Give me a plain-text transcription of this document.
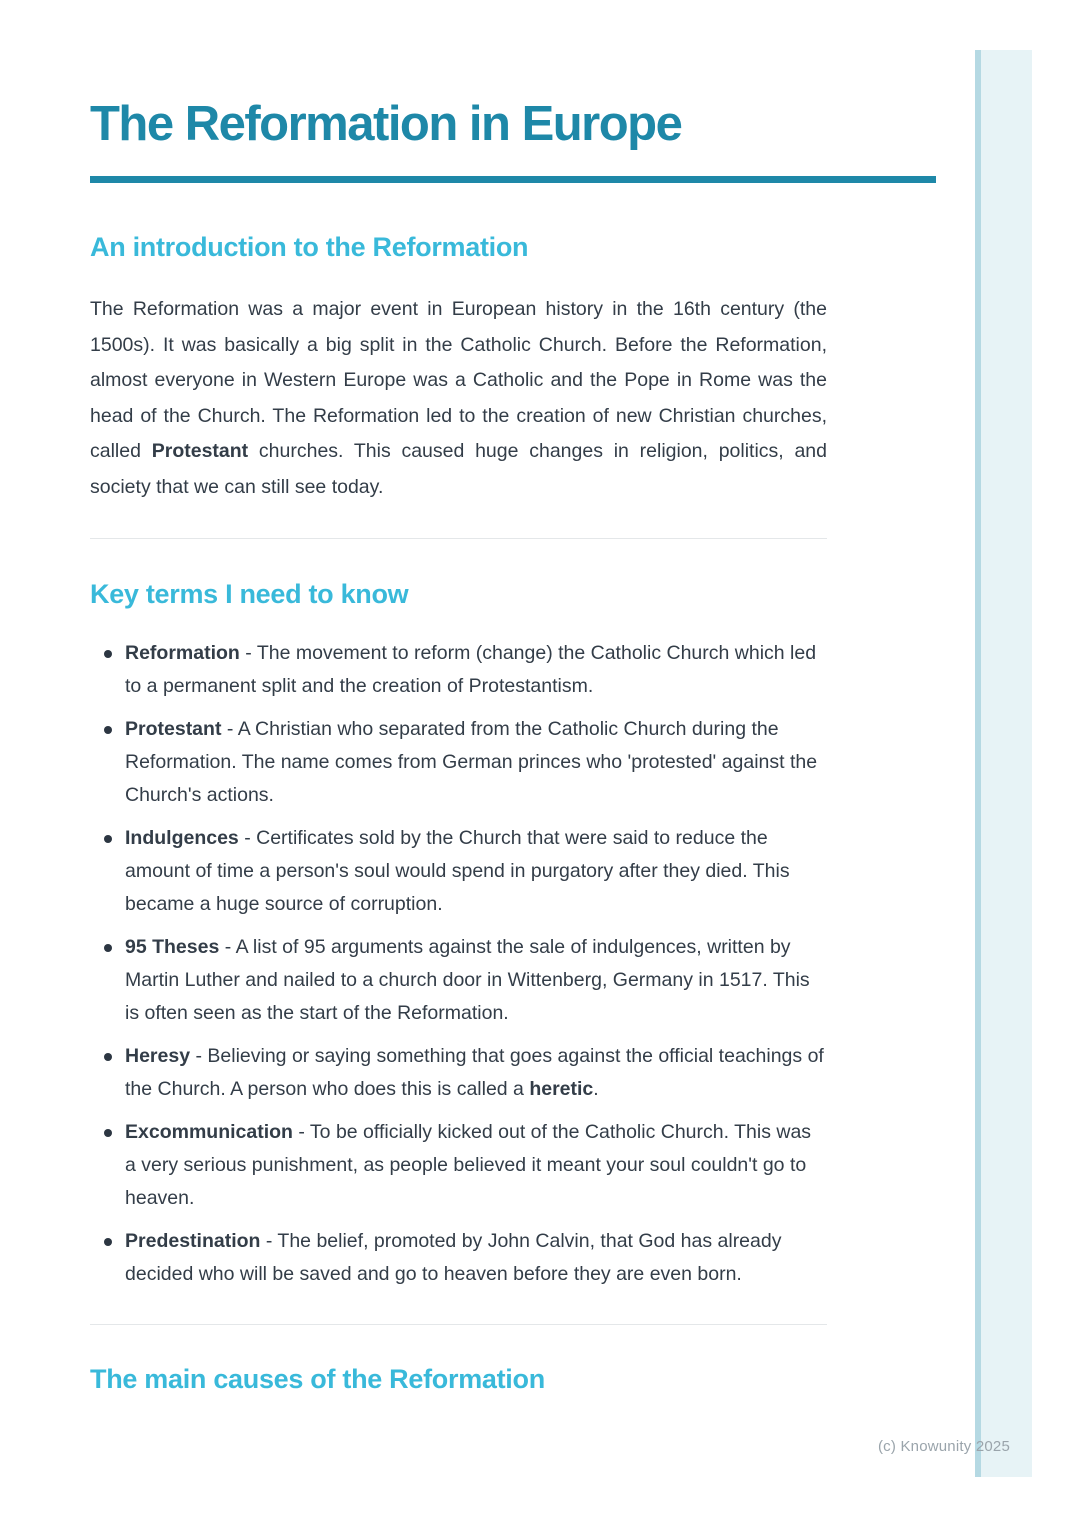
(c) Knowunity 2025
The Reformation in Europe
An introduction to the Reformation

The Reformation was a major event in European history in the 16th century (the 1500s). It was basically a big split in the Catholic Church. Before the Reformation, almost everyone in Western Europe was a Catholic and the Pope in Rome was the head of the Church. The Reformation led to the creation of new Christian churches, called Protestant churches. This caused huge changes in religion, politics, and society that we can still see today.

Key terms I need to know
Reformation - The movement to reform (change) the Catholic Church which led to a permanent split and the creation of Protestantism.
Protestant - A Christian who separated from the Catholic Church during the Reformation. The name comes from German princes who 'protested' against the Church's actions.
Indulgences - Certificates sold by the Church that were said to reduce the amount of time a person's soul would spend in purgatory after they died. This became a huge source of corruption.
95 Theses - A list of 95 arguments against the sale of indulgences, written by Martin Luther and nailed to a church door in Wittenberg, Germany in 1517. This is often seen as the start of the Reformation.
Heresy - Believing or saying something that goes against the official teachings of the Church. A person who does this is called a heretic.
Excommunication - To be officially kicked out of the Catholic Church. This was a very serious punishment, as people believed it meant your soul couldn't go to heaven.
Predestination - The belief, promoted by John Calvin, that God has already decided who will be saved and go to heaven before they are even born.
The main causes of the Reformation
